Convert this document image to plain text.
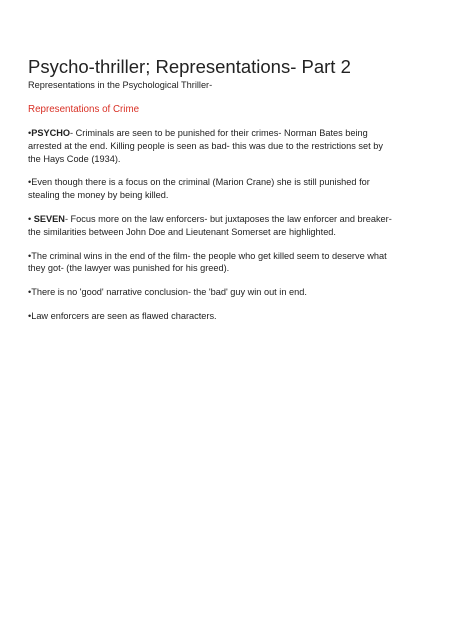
Psycho-thriller; Representations- Part 2

Representations in the Psychological Thriller-

Representations of Crime

•PSYCHO- Criminals are seen to be punished for their crimes- Norman Bates being arrested at the end. Killing people is seen as bad- this was due to the restrictions set by the Hays Code (1934).

•Even though there is a focus on the criminal (Marion Crane) she is still punished for stealing the money by being killed.

• SEVEN- Focus more on the law enforcers- but juxtaposes the law enforcer and breaker- the similarities between John Doe and Lieutenant Somerset are highlighted.

•The criminal wins in the end of the film- the people who get killed seem to deserve what they got- (the lawyer was punished for his greed).

•There is no 'good' narrative conclusion- the 'bad' guy win out in end.

•Law enforcers are seen as flawed characters.
